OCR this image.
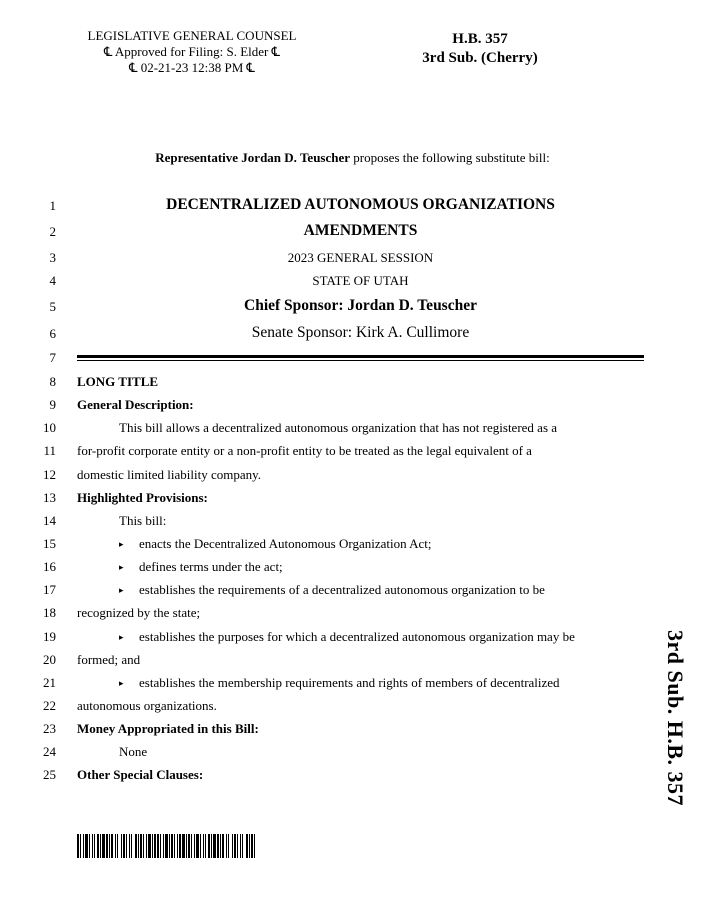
LEGISLATIVE GENERAL COUNSEL
℄ Approved for Filing: S. Elder ℄
℄ 02-21-23 12:38 PM ℄
H.B. 357
3rd Sub. (Cherry)
Representative Jordan D. Teuscher proposes the following substitute bill:
1
2
3
4
5
6
7
8
9
10
11
12
13
14
15
16
17
18
19
20
21
22
23
24
25
DECENTRALIZED AUTONOMOUS ORGANIZATIONS
AMENDMENTS
2023 GENERAL SESSION
STATE OF UTAH
Chief Sponsor: Jordan D. Teuscher
Senate Sponsor: Kirk A. Cullimore
LONG TITLE
General Description:
This bill allows a decentralized autonomous organization that has not registered as a
for-profit corporate entity or a non-profit entity to be treated as the legal equivalent of a
domestic limited liability company.
Highlighted Provisions:
This bill:
▸ enacts the Decentralized Autonomous Organization Act;
▸ defines terms under the act;
▸ establishes the requirements of a decentralized autonomous organization to be
recognized by the state;
▸ establishes the purposes for which a decentralized autonomous organization may be
formed; and
▸ establishes the membership requirements and rights of members of decentralized
autonomous organizations.
Money Appropriated in this Bill:
None
Other Special Clauses:	3rd Sub. H.B. 357
